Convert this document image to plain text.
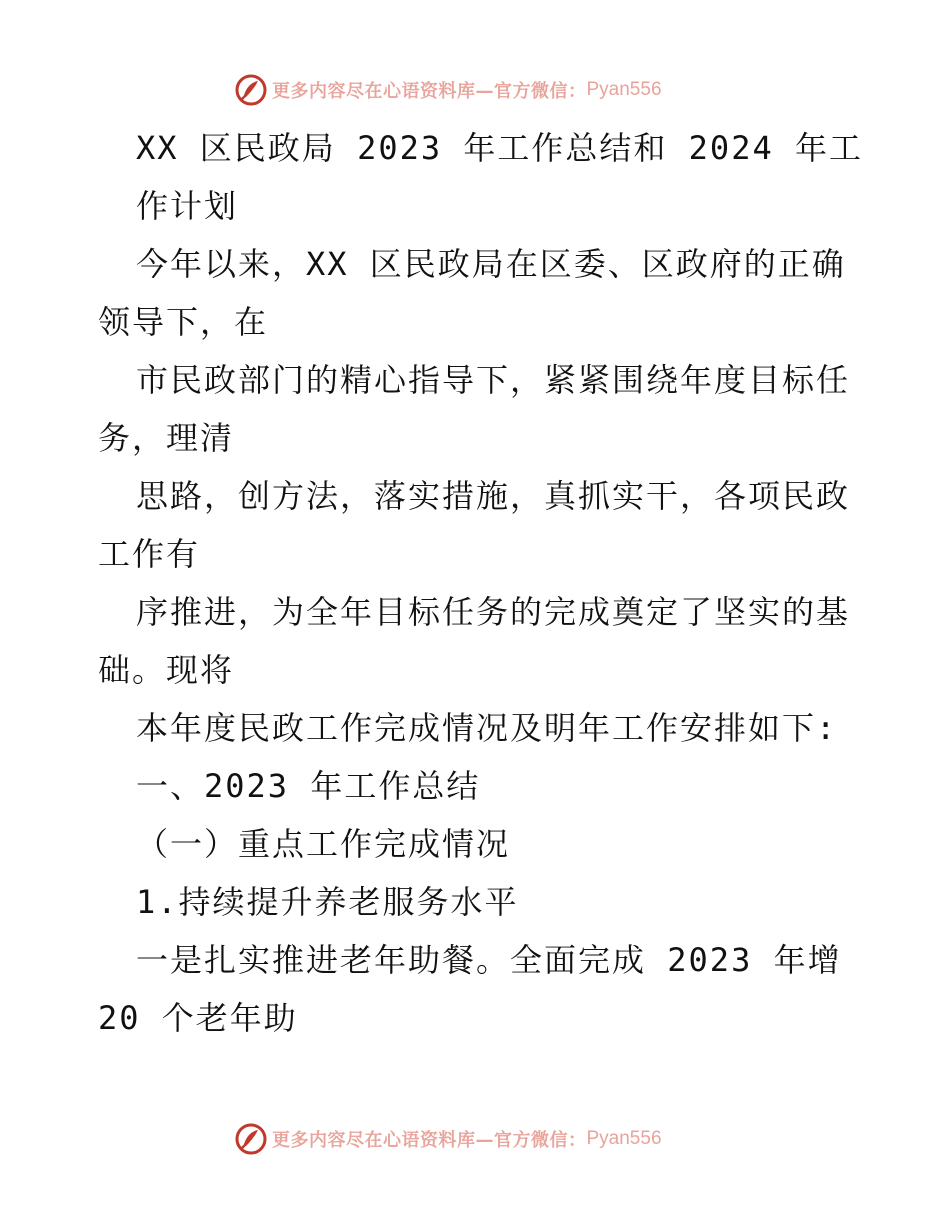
更多内容尽在心语资料库—官方微信： Pyan556
XX 区民政局 2023 年工作总结和 2024 年工
作计划
今年以来，XX 区民政局在区委、区政府的正确
领导下，在
市民政部门的精心指导下，紧紧围绕年度目标任
务，理清
思路，创方法，落实措施，真抓实干，各项民政
工作有
序推进，为全年目标任务的完成奠定了坚实的基
础。现将
本年度民政工作完成情况及明年工作安排如下:
一、2023 年工作总结
（一）重点工作完成情况
1.持续提升养老服务水平
一是扎实推进老年助餐。全面完成 2023 年增
20 个老年助
更多内容尽在心语资料库—官方微信： Pyan556
